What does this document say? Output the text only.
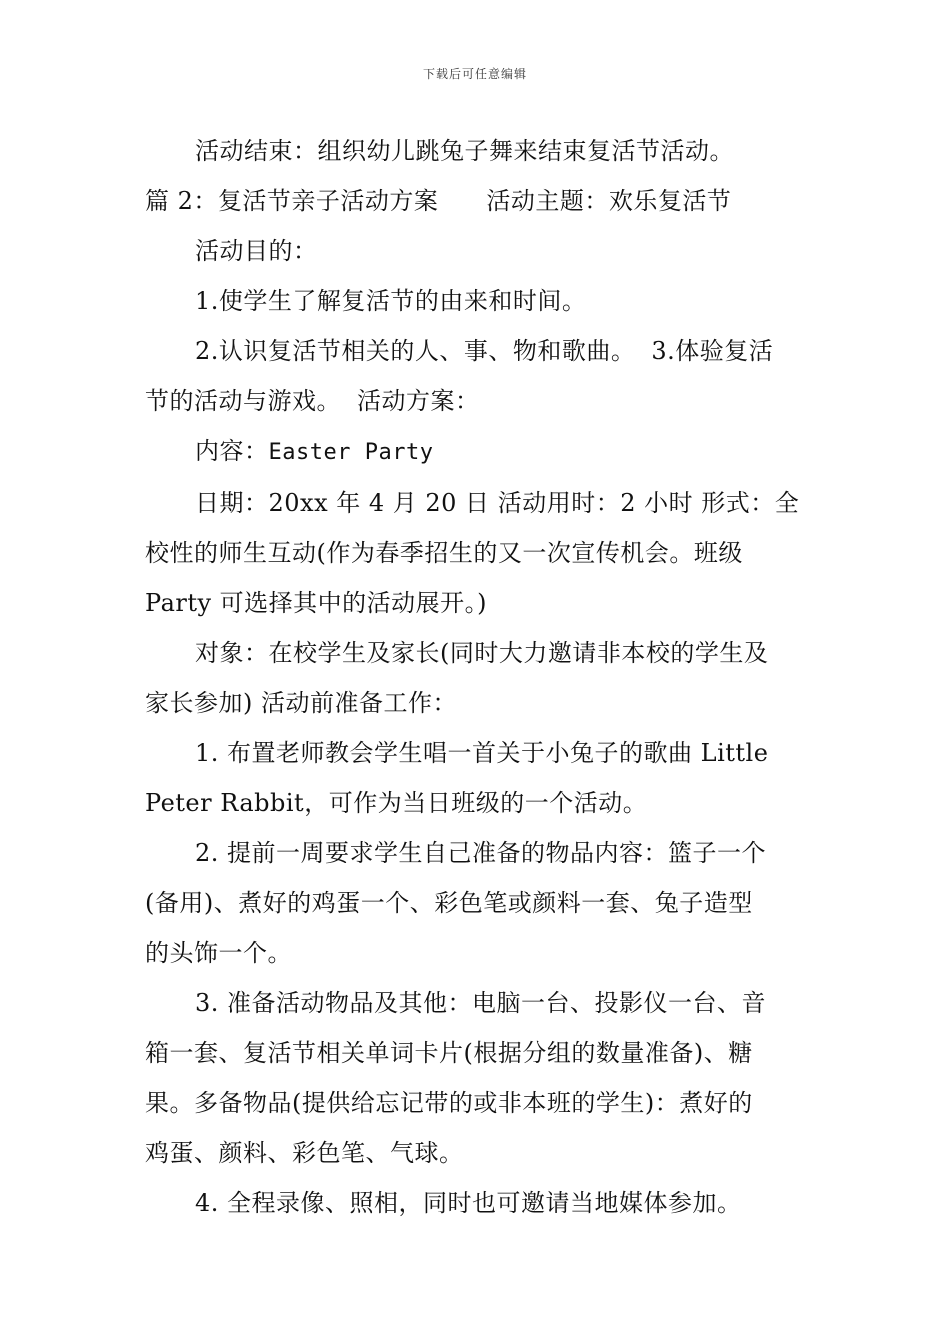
下载后可任意编辑

活动结束：组织幼儿跳兔子舞来结束复活节活动。

篇 2：复活节亲子活动方案 活动主题：欢乐复活节

活动目的：

1.使学生了解复活节的由来和时间。

2.认识复活节相关的人、事、物和歌曲。 3.体验复活

节的活动与游戏。 活动方案：

内容：Easter Party

日期：20xx 年 4 月 20 日 活动用时：2 小时 形式：全

校性的师生互动(作为春季招生的又一次宣传机会。班级

Party 可选择其中的活动展开。)

对象：在校学生及家长(同时大力邀请非本校的学生及

家长参加) 活动前准备工作：

1. 布置老师教会学生唱一首关于小兔子的歌曲 Little

Peter Rabbit，可作为当日班级的一个活动。

2. 提前一周要求学生自己准备的物品内容：篮子一个

(备用)、煮好的鸡蛋一个、彩色笔或颜料一套、兔子造型

的头饰一个。

3. 准备活动物品及其他：电脑一台、投影仪一台、音

箱一套、复活节相关单词卡片(根据分组的数量准备)、糖

果。多备物品(提供给忘记带的或非本班的学生)：煮好的

鸡蛋、颜料、彩色笔、气球。

4. 全程录像、照相，同时也可邀请当地媒体参加。
